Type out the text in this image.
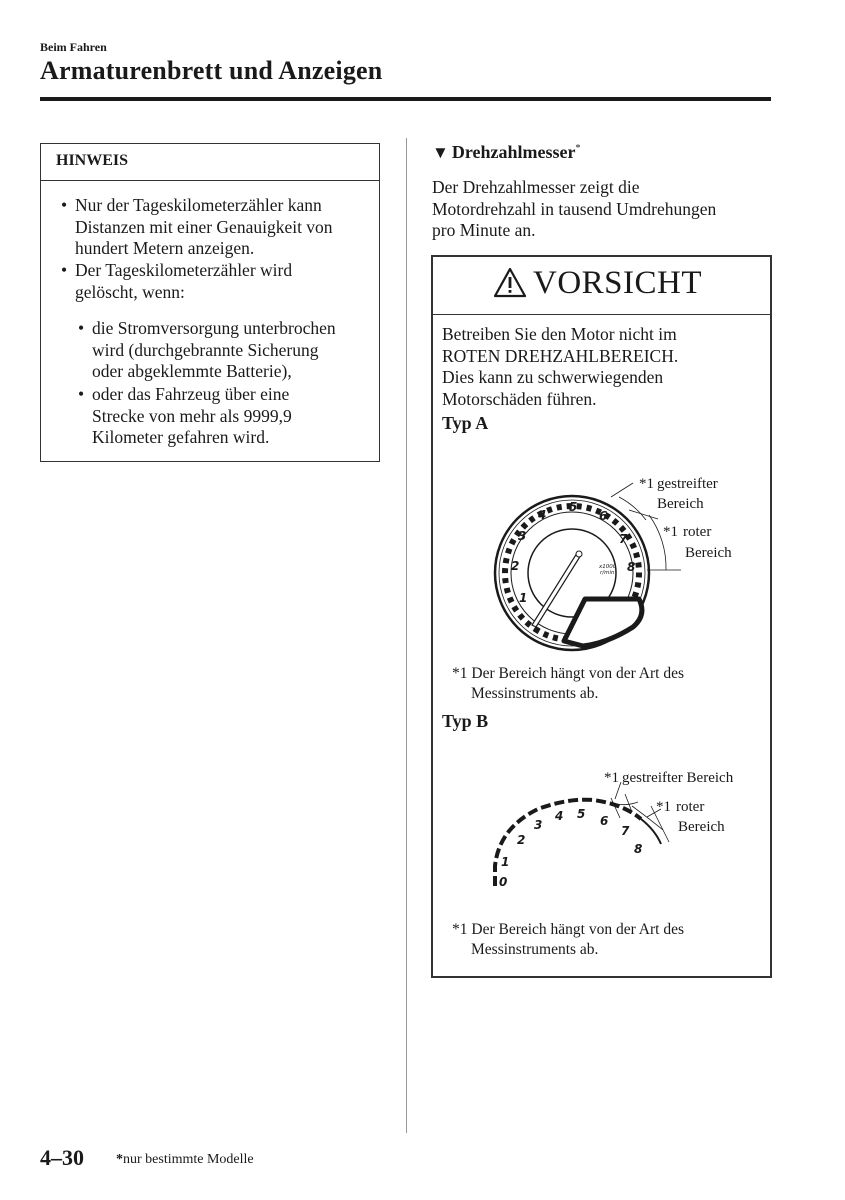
Beim Fahren
Armaturenbrett und Anzeigen
HINWEIS
• Nur der Tageskilometerzähler kann
Distanzen mit einer Genauigkeit von
hundert Metern anzeigen.
• Der Tageskilometerzähler wird
gelöscht, wenn:
• die Stromversorgung unterbrochen
wird (durchgebrannte Sicherung
oder abgeklemmte Batterie),
• oder das Fahrzeug über eine
Strecke von mehr als 9999,9
Kilometer gefahren wird.
▼ Drehzahlmesser*
Der Drehzahlmesser zeigt die
Motordrehzahl in tausend Umdrehungen
pro Minute an.
VORSICHT
Betreiben Sie den Motor nicht im
ROTEN DREHZAHLBEREICH.
Dies kann zu schwerwiegenden
Motorschäden führen.
Typ A
1
2
3
4
5
6
7
8
x1000
r/min
*1 gestreifter
Bereich
*1 roter
Bereich
*1 Der Bereich hängt von der Art des
Messinstruments ab.
Typ B
0
1
2
3
4 5 6
7
8
*1 gestreifter Bereich
*1 roter
Bereich
*1 Der Bereich hängt von der Art des
Messinstruments ab.
4–30 *nur bestimmte Modelle
